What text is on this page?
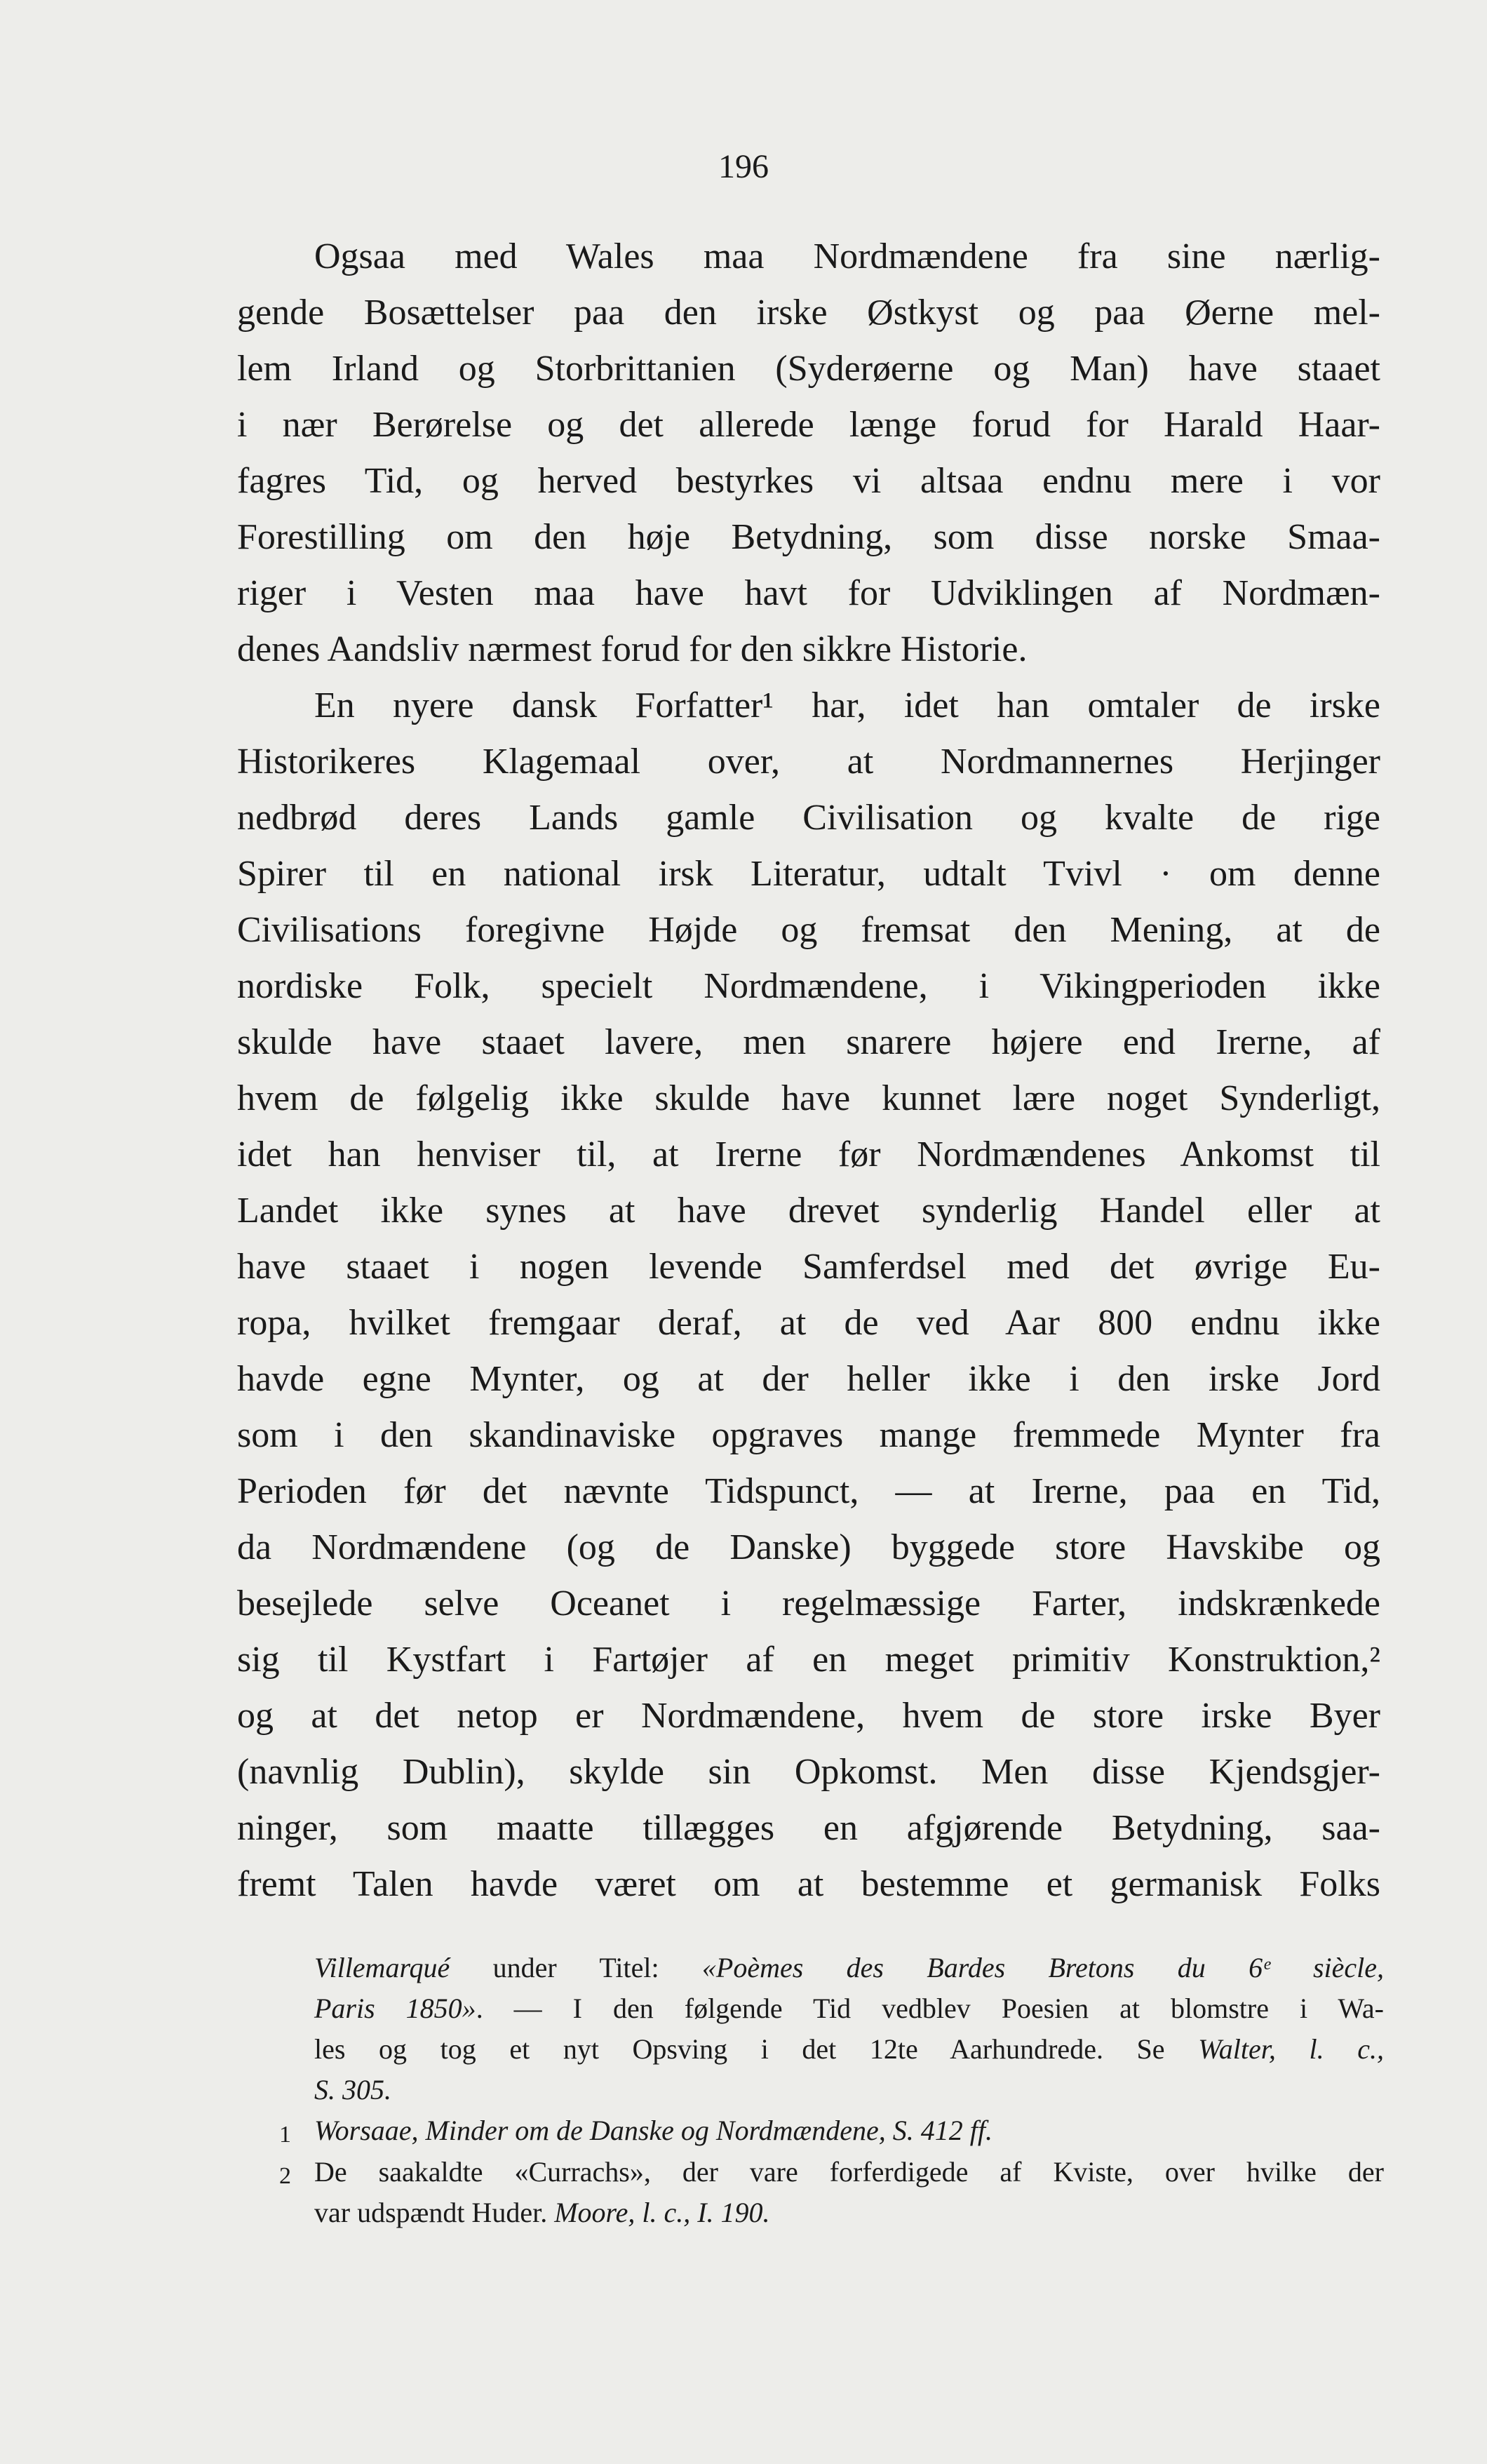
196
Ogsaa med Wales maa Nordmændene fra sine nærlig-
gende Bosættelser paa den irske Østkyst og paa Øerne mel-
lem Irland og Storbrittanien (Syderøerne og Man) have staaet
i nær Berørelse og det allerede længe forud for Harald Haar-
fagres Tid, og herved bestyrkes vi altsaa endnu mere i vor
Forestilling om den høje Betydning, som disse norske Smaa-
riger i Vesten maa have havt for Udviklingen af Nordmæn-
denes Aandsliv nærmest forud for den sikkre Historie.
En nyere dansk Forfatter¹ har, idet han omtaler de irske
Historikeres Klagemaal over, at Nordmannernes Herjinger
nedbrød deres Lands gamle Civilisation og kvalte de rige
Spirer til en national irsk Literatur, udtalt Tvivl · om denne
Civilisations foregivne Højde og fremsat den Mening, at de
nordiske Folk, specielt Nordmændene, i Vikingperioden ikke
skulde have staaet lavere, men snarere højere end Irerne, af
hvem de følgelig ikke skulde have kunnet lære noget Synderligt,
idet han henviser til, at Irerne før Nordmændenes Ankomst til
Landet ikke synes at have drevet synderlig Handel eller at
have staaet i nogen levende Samferdsel med det øvrige Eu-
ropa, hvilket fremgaar deraf, at de ved Aar 800 endnu ikke
havde egne Mynter, og at der heller ikke i den irske Jord
som i den skandinaviske opgraves mange fremmede Mynter fra
Perioden før det nævnte Tidspunct, — at Irerne, paa en Tid,
da Nordmændene (og de Danske) byggede store Havskibe og
besejlede selve Oceanet i regelmæssige Farter, indskrænkede
sig til Kystfart i Fartøjer af en meget primitiv Konstruktion,²
og at det netop er Nordmændene, hvem de store irske Byer
(navnlig Dublin), skylde sin Opkomst. Men disse Kjendsgjer-
ninger, som maatte tillægges en afgjørende Betydning, saa-
fremt Talen havde været om at bestemme et germanisk Folks
Villemarqué under Titel: «Poèmes des Bardes Bretons du 6ᵉ siècle,
Paris 1850». — I den følgende Tid vedblev Poesien at blomstre i Wa-
les og tog et nyt Opsving i det 12te Aarhundrede. Se Walter, l. c.,
S. 305.
1 Worsaae, Minder om de Danske og Nordmændene, S. 412 ff.
2 De saakaldte «Currachs», der vare forferdigede af Kviste, over hvilke der
var udspændt Huder. Moore, l. c., I. 190.
